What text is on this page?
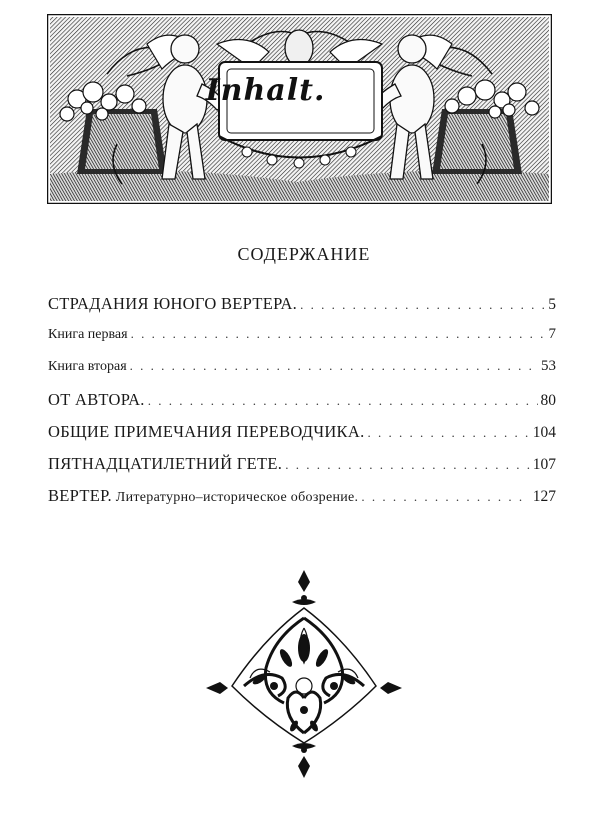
Inhalt.
СОДЕРЖАНИЕ
СТРАДАНИЯ ЮНОГО ВЕРТЕРА. . . .	5
Книга первая . . .	7
Книга вторая . . .	53
ОТ АВТОРА. . . .	80
ОБЩИЕ ПРИМЕЧАНИЯ ПЕРЕВОДЧИКА. . . .	104
ПЯТНАДЦАТИЛЕТНИЙ ГЕТЕ. . . .	107
ВЕРТЕР. Литературно–историческое обозрение. . . .	127
